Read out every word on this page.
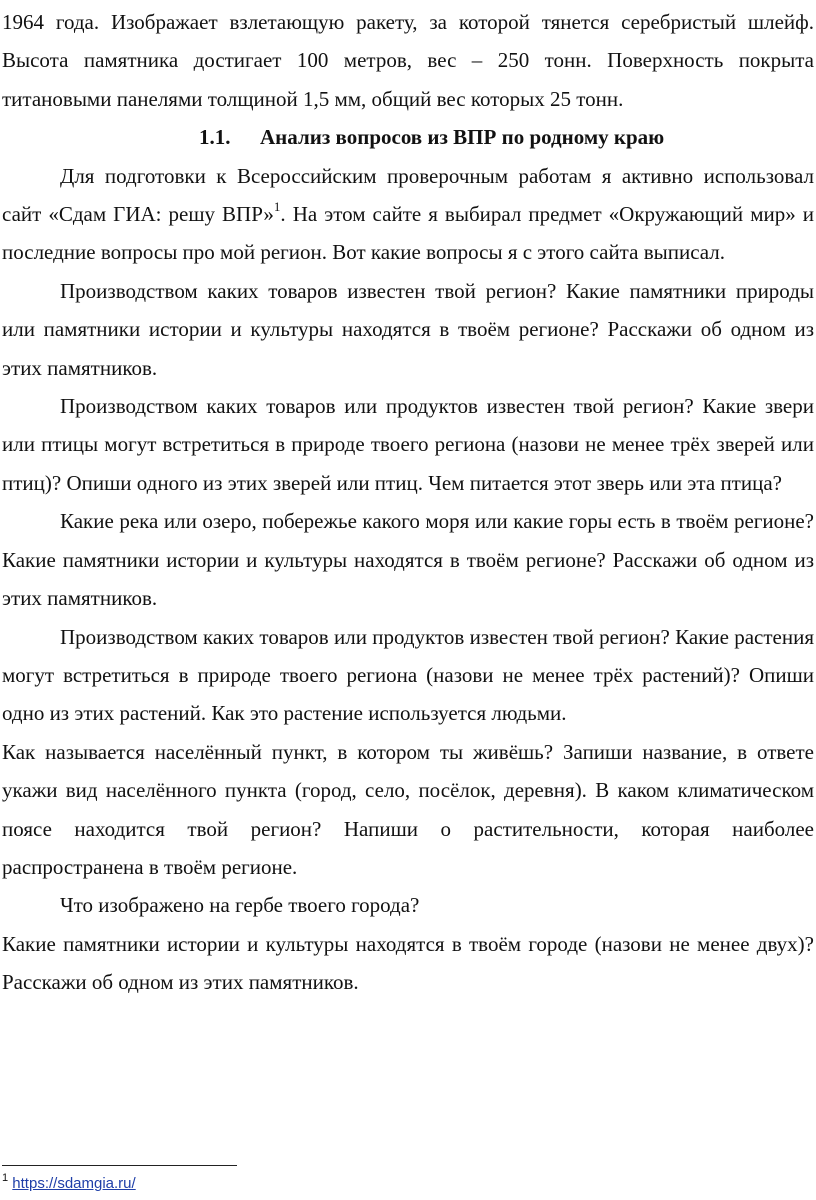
1964 года. Изображает взлетающую ракету, за которой тянется серебристый шлейф. Высота памятника достигает 100 метров, вес – 250 тонн. Поверхность покрыта титановыми панелями толщиной 1,5 мм, общий вес которых 25 тонн.

1.1. Анализ вопросов из ВПР по родному краю

Для подготовки к Всероссийским проверочным работам я активно использовал сайт «Сдам ГИА: решу ВПР»$^1$. На этом сайте я выбирал предмет «Окружающий мир» и последние вопросы про мой регион. Вот какие вопросы я с этого сайта выписал.

Производством каких товаров известен твой регион? Какие памятники природы или памятники истории и культуры находятся в твоём регионе? Расскажи об одном из этих памятников.

Производством каких товаров или продуктов известен твой регион? Какие звери или птицы могут встретиться в природе твоего региона (назови не менее трёх зверей или птиц)? Опиши одного из этих зверей или птиц. Чем питается этот зверь или эта птица?

Какие река или озеро, побережье какого моря или какие горы есть в твоём регионе? Какие памятники истории и культуры находятся в твоём регионе? Расскажи об одном из этих памятников.

Производством каких товаров или продуктов известен твой регион? Какие растения могут встретиться в природе твоего региона (назови не менее трёх растений)? Опиши одно из этих растений. Как это растение используется людьми.

Как называется населённый пункт, в котором ты живёшь? Запиши название, в ответе укажи вид населённого пункта (город, село, посёлок, деревня). В каком климатическом поясе находится твой регион? Напиши о растительности, которая наиболее распространена в твоём регионе.

Что изображено на гербе твоего города?

Какие памятники истории и культуры находятся в твоём городе (назови не менее двух)? Расскажи об одном из этих памятников.

$^1$ https://sdamgia.ru/
